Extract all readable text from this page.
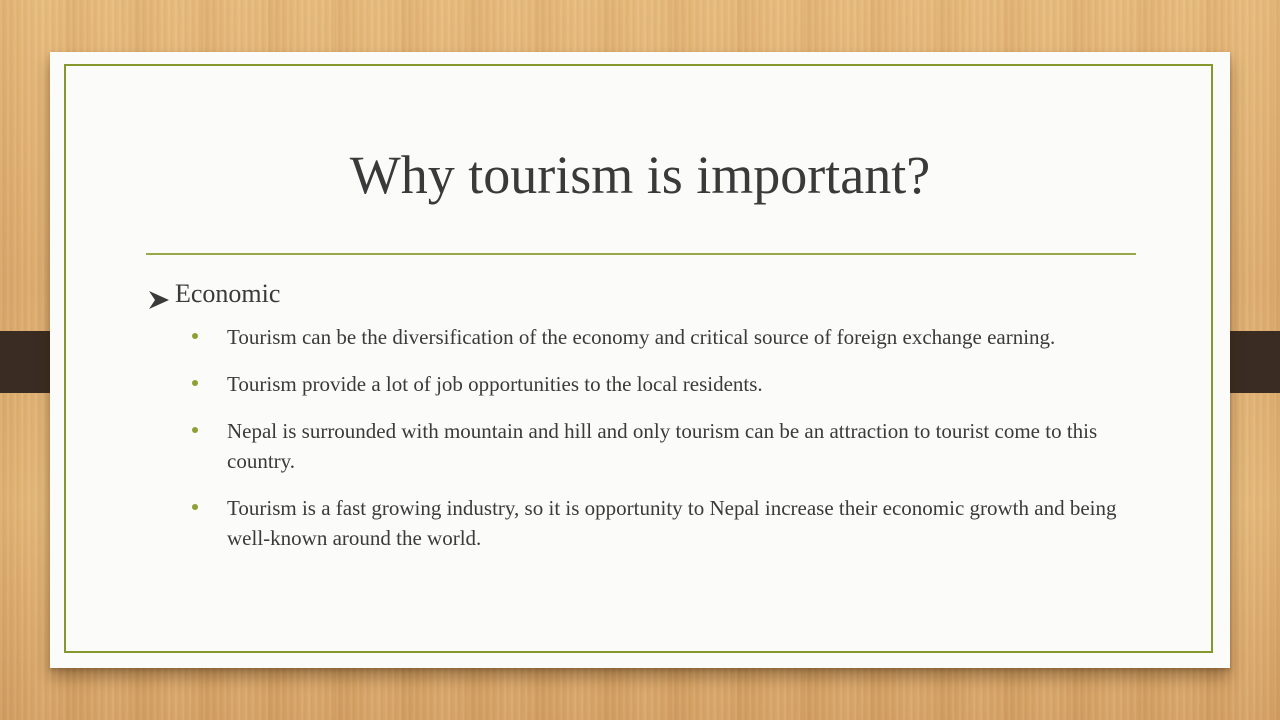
Why tourism is important?
Economic
Tourism can be the diversification of the economy and critical source of foreign exchange earning.
Tourism provide a lot of job opportunities to the local residents.
Nepal is surrounded with mountain and hill and only tourism can be an attraction to tourist come to this country.
Tourism is a fast growing industry, so it is opportunity to Nepal increase their economic growth and being well-known around the world.
